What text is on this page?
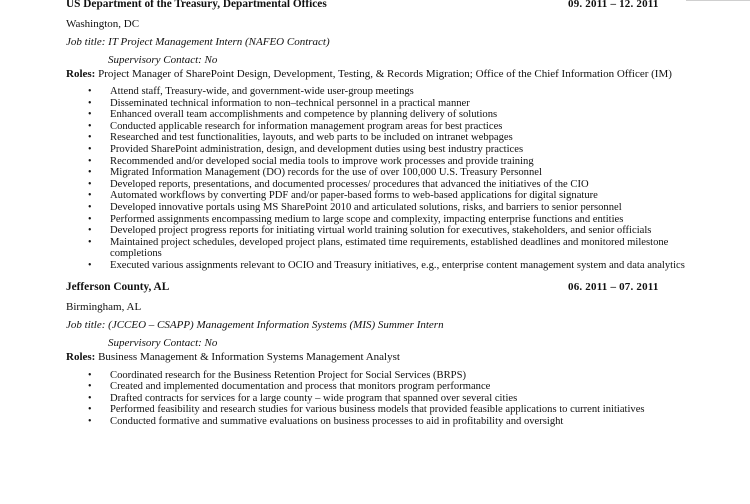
US Department of the Treasury, Departmental Offices	09. 2011 – 12. 2011
Washington, DC
Job title: IT Project Management Intern (NAFEO Contract)
Supervisory Contact: No
Roles: Project Manager of SharePoint Design, Development, Testing, & Records Migration; Office of the Chief Information Officer (IM)
• Attend staff, Treasury-wide, and government-wide user-group meetings
• Disseminated technical information to non–technical personnel in a practical manner
• Enhanced overall team accomplishments and competence by planning delivery of solutions
• Conducted applicable research for information management program areas for best practices
• Researched and test functionalities, layouts, and web parts to be included on intranet webpages
• Provided SharePoint administration, design, and development duties using best industry practices
• Recommended and/or developed social media tools to improve work processes and provide training
• Migrated Information Management (DO) records for the use of over 100,000 U.S. Treasury Personnel
• Developed reports, presentations, and documented processes/ procedures that advanced the initiatives of the CIO
• Automated workflows by converting PDF and/or paper-based forms to web-based applications for digital signature
• Developed innovative portals using MS SharePoint 2010 and articulated solutions, risks, and barriers to senior personnel
• Performed assignments encompassing medium to large scope and complexity, impacting enterprise functions and entities
• Developed project progress reports for initiating virtual world training solution for executives, stakeholders, and senior officials
• Maintained project schedules, developed project plans, estimated time requirements, established deadlines and monitored milestone completions
• Executed various assignments relevant to OCIO and Treasury initiatives, e.g., enterprise content management system and data analytics
Jefferson County, AL	06. 2011 – 07. 2011
Birmingham, AL
Job title: (JCCEO – CSAPP) Management Information Systems (MIS) Summer Intern
Supervisory Contact: No
Roles: Business Management & Information Systems Management Analyst
• Coordinated research for the Business Retention Project for Social Services (BRPS)
• Created and implemented documentation and process that monitors program performance
• Drafted contracts for services for a large county – wide program that spanned over several cities
• Performed feasibility and research studies for various business models that provided feasible applications to current initiatives
• Conducted formative and summative evaluations on business processes to aid in profitability and oversight
